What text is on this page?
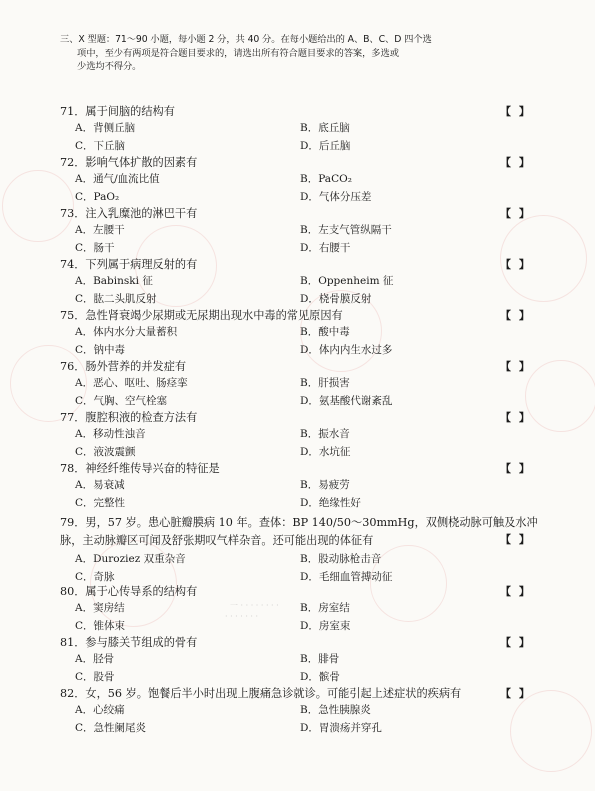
一 · · · · · · · ·
· · · · · · ·
三、X 型题：71～90 小题，每小题 2 分，共 40 分。在每小题给出的 A、B、C、D 四个选
项中，至少有两项是符合题目要求的，请选出所有符合题目要求的答案，多选或
少选均不得分。
71．属于间脑的结构有	【 】
A．背侧丘脑	B．底丘脑
C．下丘脑	D．后丘脑
72．影响气体扩散的因素有	【 】
A．通气/血流比值	B．PaCO₂
C．PaO₂	D．气体分压差
73．注入乳糜池的淋巴干有	【 】
A．左腰干	B．左支气管纵隔干
C．肠干	D．右腰干
74．下列属于病理反射的有	【 】
A．Babinski 征	B．Oppenheim 征
C．肱二头肌反射	D．桡骨膜反射
75．急性肾衰竭少尿期或无尿期出现水中毒的常见原因有	【 】
A．体内水分大量蓄积	B．酸中毒
C．钠中毒	D．体内内生水过多
76．肠外营养的并发症有	【 】
A．恶心、呕吐、肠痉挛	B．肝损害
C．气胸、空气栓塞	D．氨基酸代谢紊乱
77．腹腔积液的检查方法有	【 】
A．移动性浊音	B．振水音
C．液波震颤	D．水坑征
78．神经纤维传导兴奋的特征是	【 】
A．易衰减	B．易疲劳
C．完整性	D．绝缘性好
79．男，57 岁。患心脏瓣膜病 10 年。查体：BP 140/50～30mmHg，双侧桡动脉可触及水冲脉，主动脉瓣区可闻及舒张期叹气样杂音。还可能出现的体征有	【 】
A．Duroziez 双重杂音	B．股动脉枪击音
C．奇脉	D．毛细血管搏动征
80．属于心传导系的结构有	【 】
A．窦房结	B．房室结
C．锥体束	D．房室束
81．参与膝关节组成的骨有	【 】
A．胫骨	B．腓骨
C．股骨	D．髌骨
82．女，56 岁。饱餐后半小时出现上腹痛急诊就诊。可能引起上述症状的疾病有	【 】
A．心绞痛	B．急性胰腺炎
C．急性阑尾炎	D．胃溃疡并穿孔
